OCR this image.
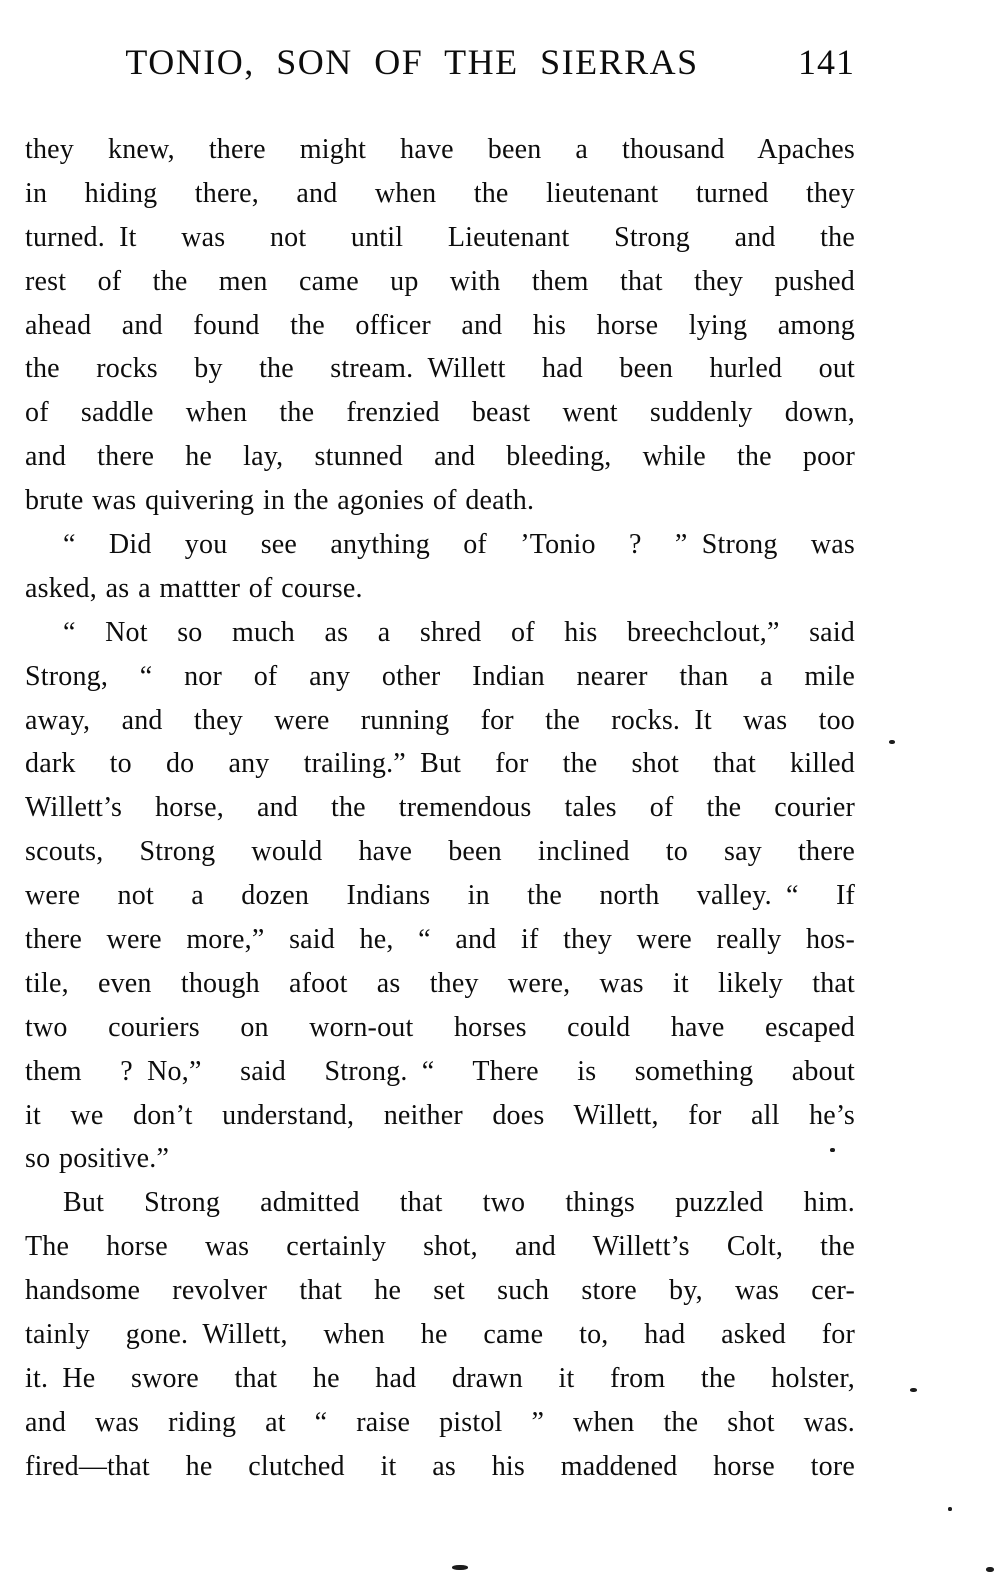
TONIO, SON OF THE SIERRAS	141
they knew, there might have been a thousand Apaches
in hiding there, and when the lieutenant turned they
turned. It was not until Lieutenant Strong and the
rest of the men came up with them that they pushed
ahead and found the officer and his horse lying among
the rocks by the stream. Willett had been hurled out
of saddle when the frenzied beast went suddenly down,
and there he lay, stunned and bleeding, while the poor
brute was quivering in the agonies of death.
“ Did you see anything of ’Tonio ? ” Strong was
asked, as a mattter of course.
“ Not so much as a shred of his breechclout,” said
Strong, “ nor of any other Indian nearer than a mile
away, and they were running for the rocks. It was too
dark to do any trailing.” But for the shot that killed
Willett’s horse, and the tremendous tales of the courier
scouts, Strong would have been inclined to say there
were not a dozen Indians in the north valley. “ If
there were more,” said he, “ and if they were really hos-
tile, even though afoot as they were, was it likely that
two couriers on worn-out horses could have escaped
them ? No,” said Strong. “ There is something about
it we don’t understand, neither does Willett, for all he’s
so positive.”
But Strong admitted that two things puzzled him.
The horse was certainly shot, and Willett’s Colt, the
handsome revolver that he set such store by, was cer-
tainly gone. Willett, when he came to, had asked for
it. He swore that he had drawn it from the holster,
and was riding at “ raise pistol ” when the shot was.
fired—that he clutched it as his maddened horse tore
